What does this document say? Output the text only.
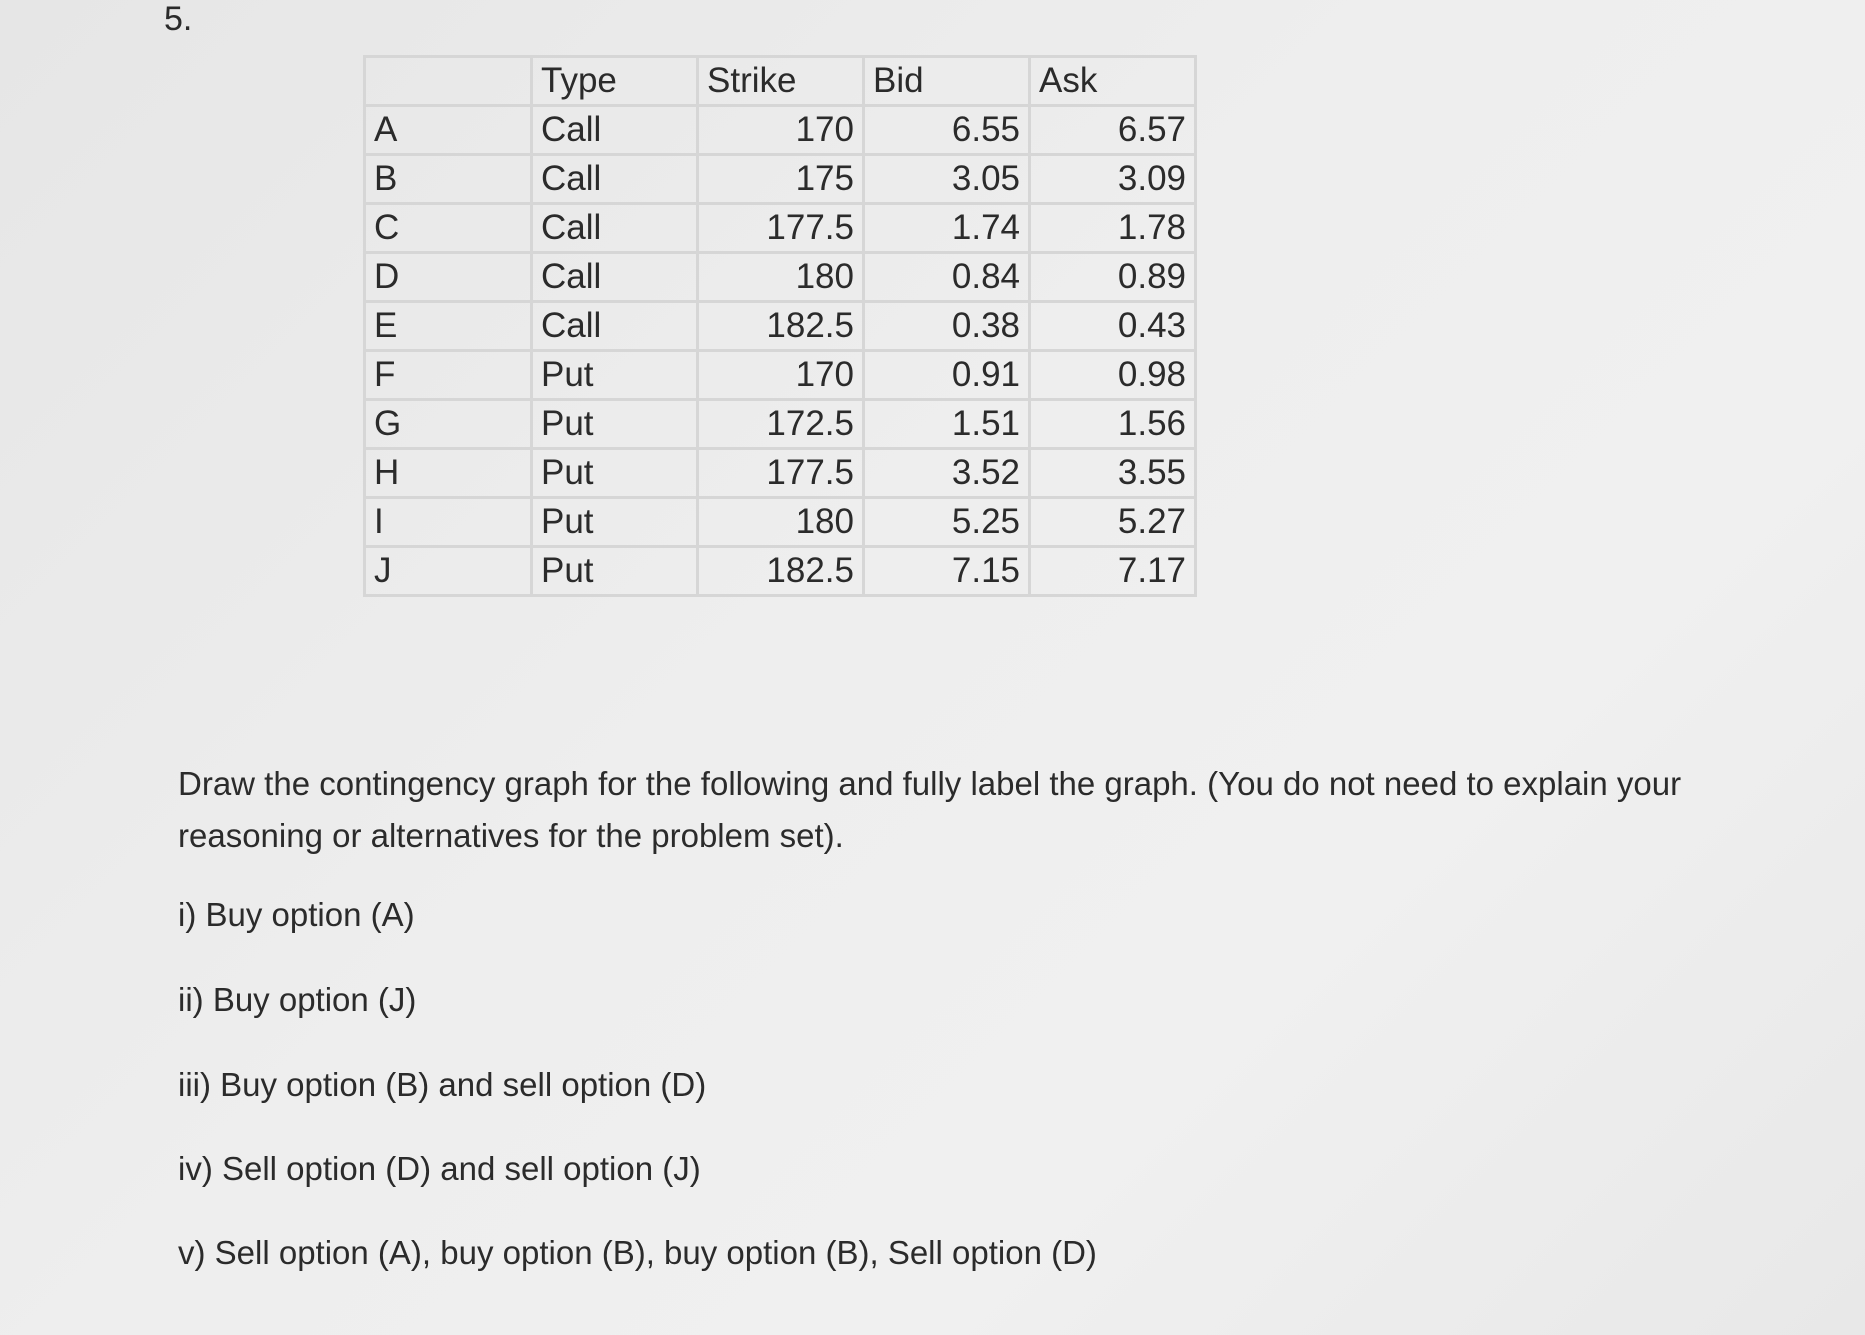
5.
	Type	Strike	Bid	Ask
A	Call	170	6.55	6.57
B	Call	175	3.05	3.09
C	Call	177.5	1.74	1.78
D	Call	180	0.84	0.89
E	Call	182.5	0.38	0.43
F	Put	170	0.91	0.98
G	Put	172.5	1.51	1.56
H	Put	177.5	3.52	3.55
I	Put	180	5.25	5.27
J	Put	182.5	7.15	7.17

Draw the contingency graph for the following and fully label the graph. (You do not need to explain your reasoning or alternatives for the problem set).

i) Buy option (A)

ii) Buy option (J)

iii) Buy option (B) and sell option (D)

iv) Sell option (D) and sell option (J)

v) Sell option (A), buy option (B), buy option (B), Sell option (D)
